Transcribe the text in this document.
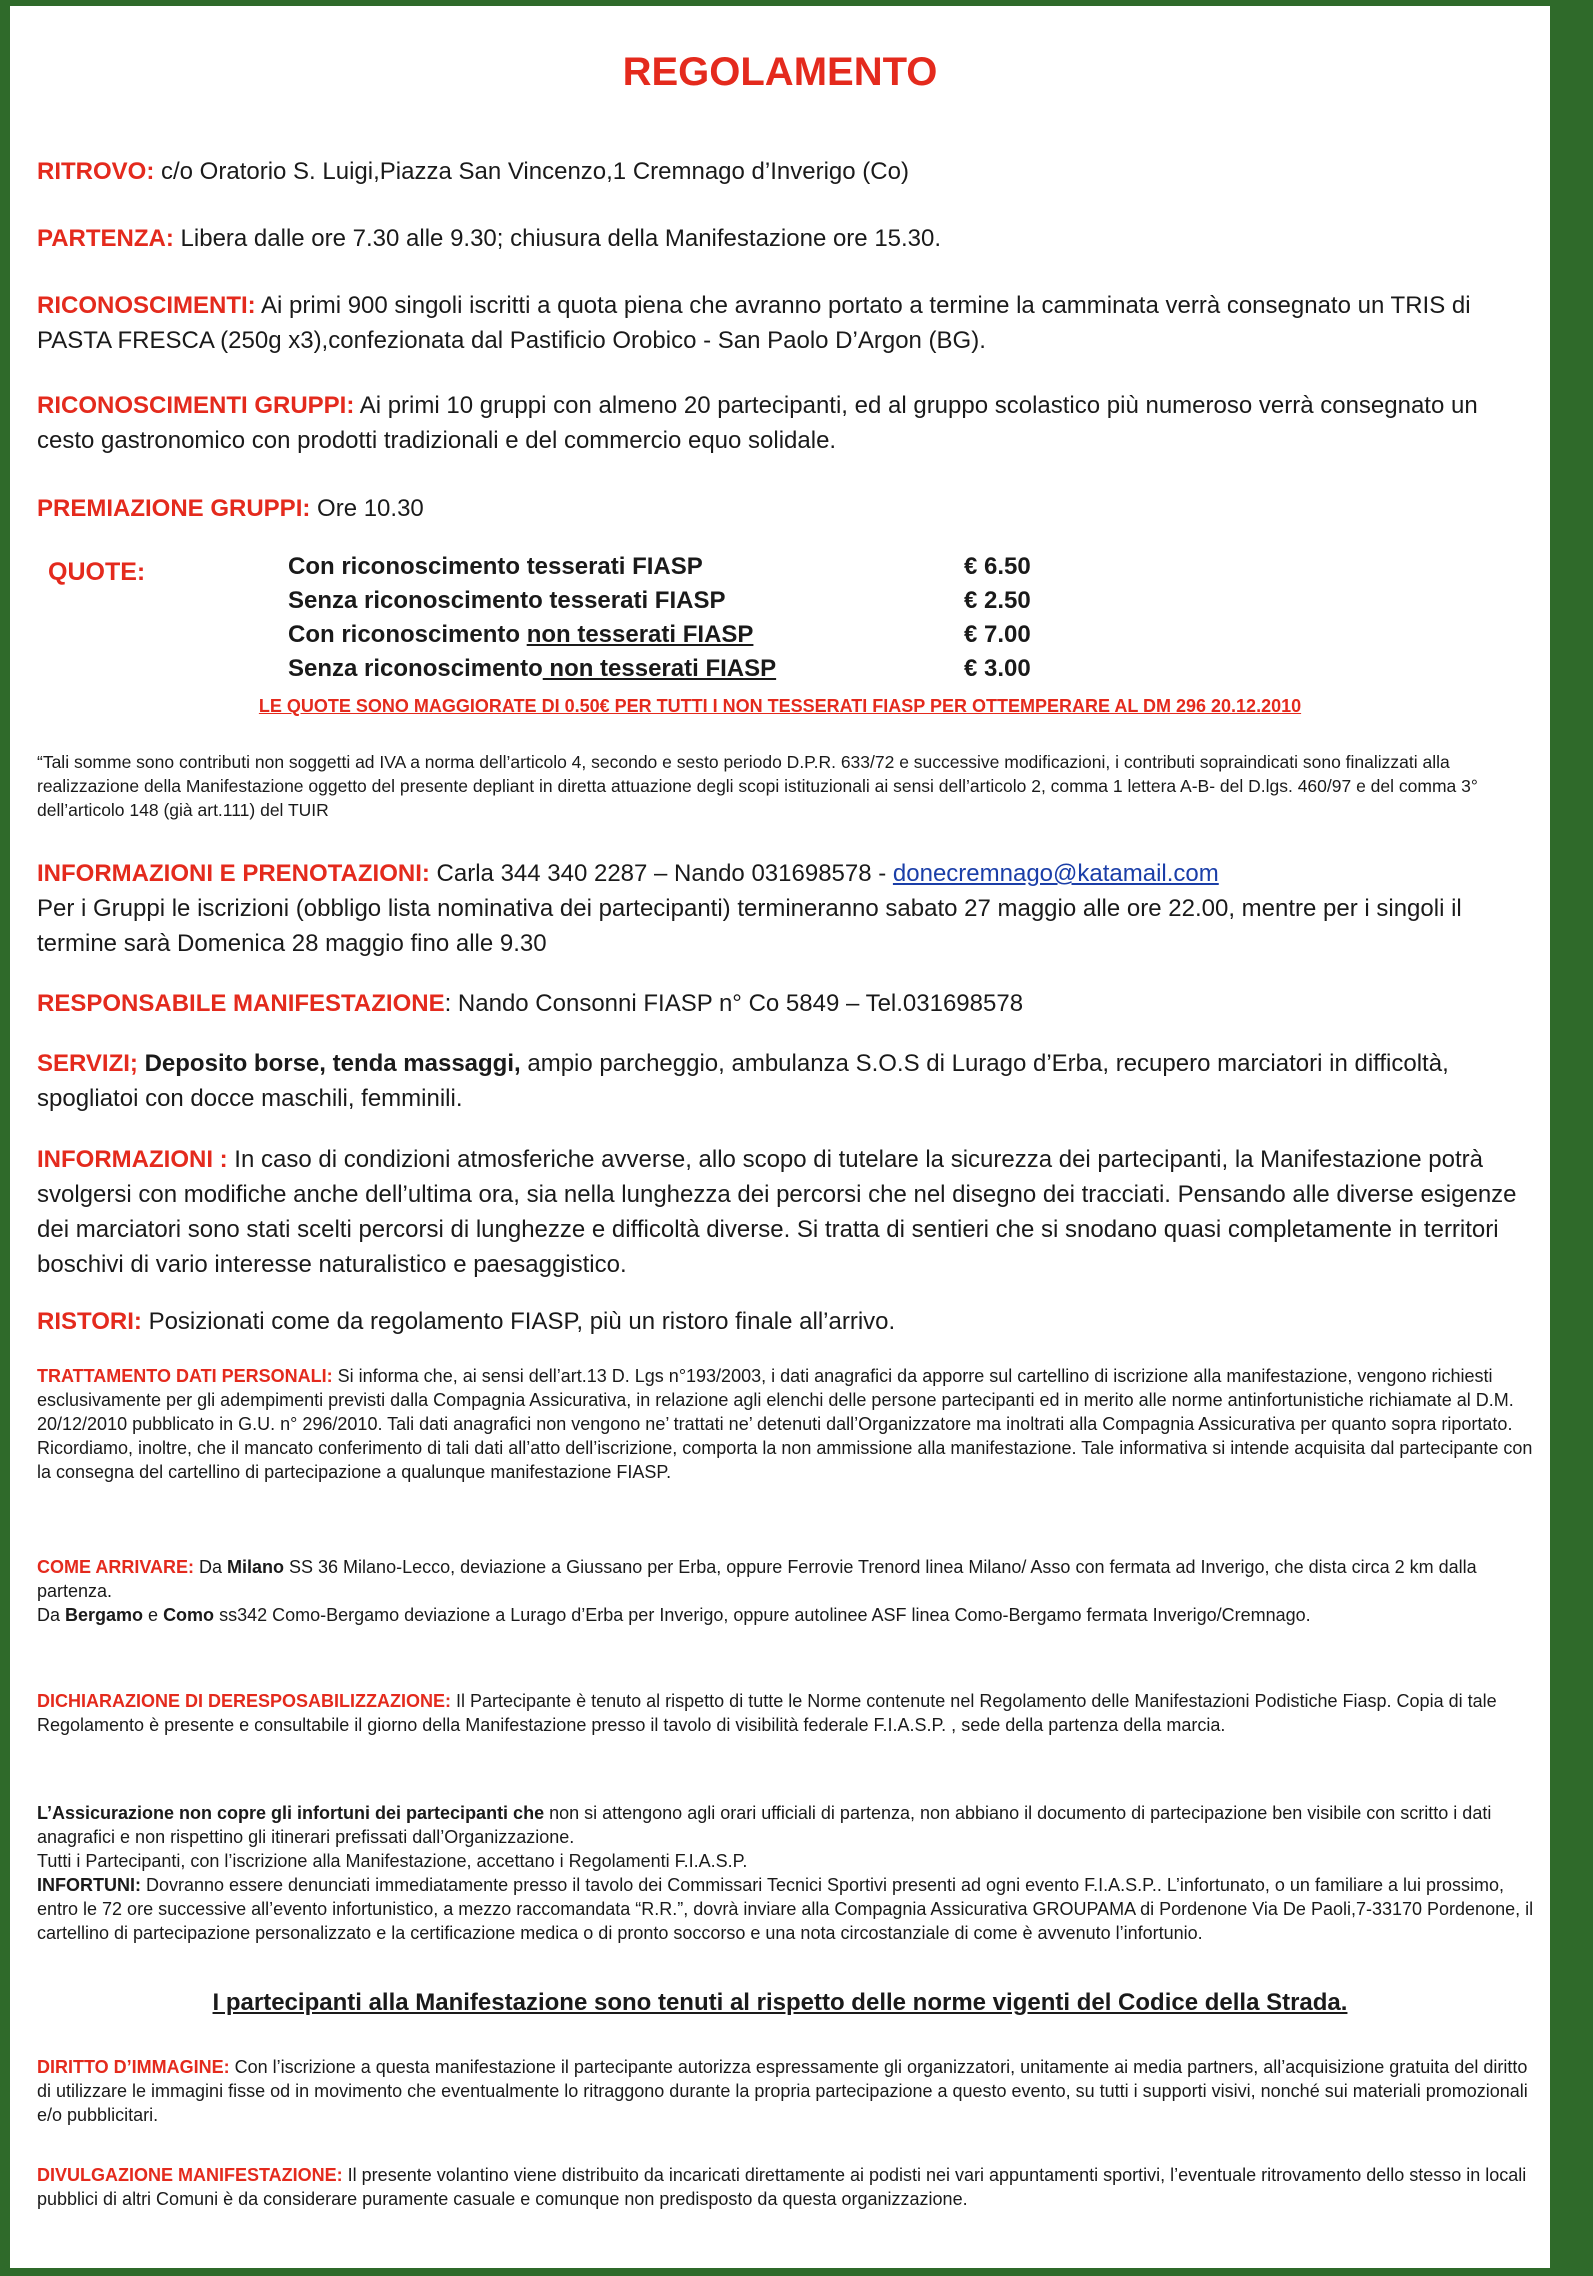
REGOLAMENTO
RITROVO: c/o Oratorio S. Luigi,Piazza San Vincenzo,1 Cremnago d’Inverigo (Co)
PARTENZA: Libera dalle ore 7.30 alle 9.30; chiusura della Manifestazione ore 15.30.
RICONOSCIMENTI: Ai primi 900 singoli iscritti a quota piena che avranno portato a termine la camminata verrà consegnato un TRIS di PASTA FRESCA (250g x3),confezionata dal Pastificio Orobico - San Paolo D’Argon (BG).
RICONOSCIMENTI GRUPPI: Ai primi 10 gruppi con almeno 20 partecipanti, ed al gruppo scolastico più numeroso verrà consegnato un cesto gastronomico con prodotti tradizionali e del commercio equo solidale.
PREMIAZIONE GRUPPI: Ore 10.30
QUOTE:	Con riconoscimento tesserati FIASP	€ 6.50
Senza riconoscimento tesserati FIASP	€ 2.50
Con riconoscimento non tesserati FIASP	€ 7.00
Senza riconoscimento non tesserati FIASP	€ 3.00
LE QUOTE SONO MAGGIORATE DI 0.50€ PER TUTTI I NON TESSERATI FIASP PER OTTEMPERARE AL DM 296 20.12.2010
“Tali somme sono contributi non soggetti ad IVA a norma dell’articolo 4, secondo e sesto periodo D.P.R. 633/72 e successive modificazioni, i contributi sopraindicati sono finalizzati alla realizzazione della Manifestazione oggetto del presente depliant in diretta attuazione degli scopi istituzionali ai sensi dell’articolo 2, comma 1 lettera A-B- del D.lgs. 460/97 e del comma 3° dell’articolo 148 (già art.111) del TUIR
INFORMAZIONI E PRENOTAZIONI: Carla 344 340 2287 – Nando 031698578 - donecremnago@katamail.com
Per i Gruppi le iscrizioni (obbligo lista nominativa dei partecipanti) termineranno sabato 27 maggio alle ore 22.00, mentre per i singoli il termine sarà Domenica 28 maggio fino alle 9.30
RESPONSABILE MANIFESTAZIONE: Nando Consonni FIASP n° Co 5849 – Tel.031698578
SERVIZI; Deposito borse, tenda massaggi, ampio parcheggio, ambulanza S.O.S di Lurago d’Erba, recupero marciatori in difficoltà, spogliatoi con docce maschili, femminili.
INFORMAZIONI : In caso di condizioni atmosferiche avverse, allo scopo di tutelare la sicurezza dei partecipanti, la Manifestazione potrà svolgersi con modifiche anche dell’ultima ora, sia nella lunghezza dei percorsi che nel disegno dei tracciati. Pensando alle diverse esigenze dei marciatori sono stati scelti percorsi di lunghezze e difficoltà diverse. Si tratta di sentieri che si snodano quasi completamente in territori boschivi di vario interesse naturalistico e paesaggistico.
RISTORI: Posizionati come da regolamento FIASP, più un ristoro finale all’arrivo.
TRATTAMENTO DATI PERSONALI: Si informa che, ai sensi dell’art.13 D. Lgs n°193/2003, i dati anagrafici da apporre sul cartellino di iscrizione alla manifestazione, vengono richiesti esclusivamente per gli adempimenti previsti dalla Compagnia Assicurativa, in relazione agli elenchi delle persone partecipanti ed in merito alle norme antinfortunistiche richiamate al D.M. 20/12/2010 pubblicato in G.U. n° 296/2010. Tali dati anagrafici non vengono ne’ trattati ne’ detenuti dall’Organizzatore ma inoltrati alla Compagnia Assicurativa per quanto sopra riportato. Ricordiamo, inoltre, che il mancato conferimento di tali dati all’atto dell’iscrizione, comporta la non ammissione alla manifestazione. Tale informativa si intende acquisita dal partecipante con la consegna del cartellino di partecipazione a qualunque manifestazione FIASP.
COME ARRIVARE: Da Milano SS 36 Milano-Lecco, deviazione a Giussano per Erba, oppure Ferrovie Trenord linea Milano/ Asso con fermata ad Inverigo, che dista circa 2 km dalla partenza.
Da Bergamo e Como ss342 Como-Bergamo deviazione a Lurago d’Erba per Inverigo, oppure autolinee ASF linea Como-Bergamo fermata Inverigo/Cremnago.
DICHIARAZIONE DI DERESPOSABILIZZAZIONE: Il Partecipante è tenuto al rispetto di tutte le Norme contenute nel Regolamento delle Manifestazioni Podistiche Fiasp. Copia di tale Regolamento è presente e consultabile il giorno della Manifestazione presso il tavolo di visibilità federale F.I.A.S.P. , sede della partenza della marcia.
L’Assicurazione non copre gli infortuni dei partecipanti che non si attengono agli orari ufficiali di partenza, non abbiano il documento di partecipazione ben visibile con scritto i dati anagrafici e non rispettino gli itinerari prefissati dall’Organizzazione.
Tutti i Partecipanti, con l’iscrizione alla Manifestazione, accettano i Regolamenti F.I.A.S.P.
INFORTUNI: Dovranno essere denunciati immediatamente presso il tavolo dei Commissari Tecnici Sportivi presenti ad ogni evento F.I.A.S.P.. L’infortunato, o un familiare a lui prossimo, entro le 72 ore successive all’evento infortunistico, a mezzo raccomandata “R.R.”, dovrà inviare alla Compagnia Assicurativa GROUPAMA di Pordenone Via De Paoli,7-33170 Pordenone, il cartellino di partecipazione personalizzato e la certificazione medica o di pronto soccorso e una nota circostanziale di come è avvenuto l’infortunio.
I partecipanti alla Manifestazione sono tenuti al rispetto delle norme vigenti del Codice della Strada.
DIRITTO D’IMMAGINE: Con l’iscrizione a questa manifestazione il partecipante autorizza espressamente gli organizzatori, unitamente ai media partners, all’acquisizione gratuita del diritto di utilizzare le immagini fisse od in movimento che eventualmente lo ritraggono durante la propria partecipazione a questo evento, su tutti i supporti visivi, nonché sui materiali promozionali e/o pubblicitari.
DIVULGAZIONE MANIFESTAZIONE: Il presente volantino viene distribuito da incaricati direttamente ai podisti nei vari appuntamenti sportivi, l’eventuale ritrovamento dello stesso in locali pubblici di altri Comuni è da considerare puramente casuale e comunque non predisposto da questa organizzazione.
